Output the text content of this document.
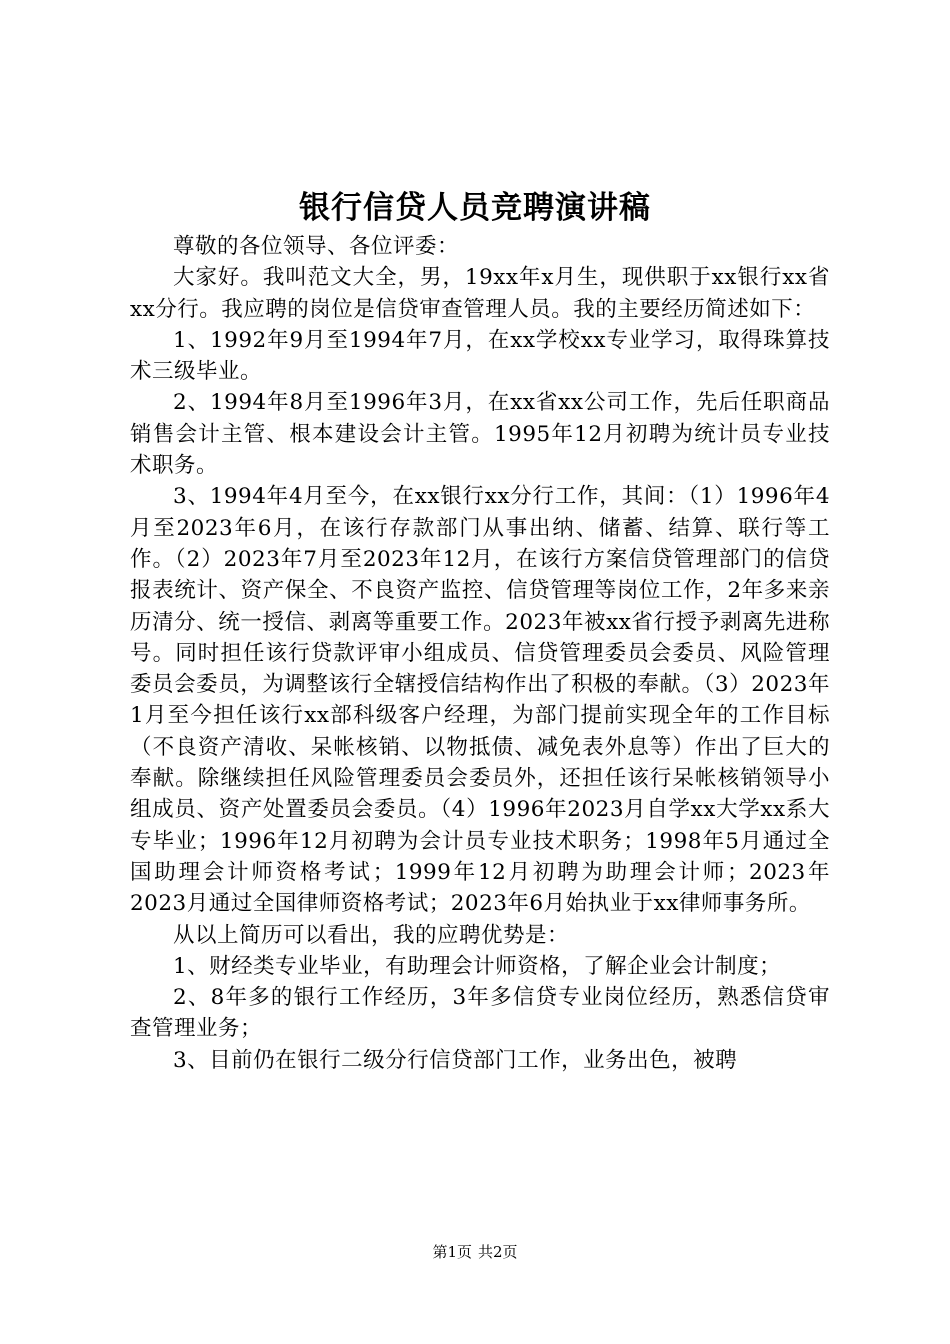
银行信贷人员竞聘演讲稿

尊敬的各位领导、各位评委：

大家好。我叫范文大全，男，19xx年x月生，现供职于xx银行xx省xx分行。我应聘的岗位是信贷审查管理人员。我的主要经历简述如下：

1、1992年9月至1994年7月，在xx学校xx专业学习，取得珠算技术三级毕业。

2、1994年8月至1996年3月，在xx省xx公司工作，先后任职商品销售会计主管、根本建设会计主管。1995年12月初聘为统计员专业技术职务。

3、1994年4月至今，在xx银行xx分行工作，其间：（1）1996年4月至2023年6月，在该行存款部门从事出纳、储蓄、结算、联行等工作。（2）2023年7月至2023年12月，在该行方案信贷管理部门的信贷报表统计、资产保全、不良资产监控、信贷管理等岗位工作，2年多来亲历清分、统一授信、剥离等重要工作。2023年被xx省行授予剥离先进称号。同时担任该行贷款评审小组成员、信贷管理委员会委员、风险管理委员会委员，为调整该行全辖授信结构作出了积极的奉献。（3）2023年1月至今担任该行xx部科级客户经理，为部门提前实现全年的工作目标（不良资产清收、呆帐核销、以物抵债、减免表外息等）作出了巨大的奉献。除继续担任风险管理委员会委员外，还担任该行呆帐核销领导小组成员、资产处置委员会委员。（4）1996年2023月自学xx大学xx系大专毕业；1996年12月初聘为会计员专业技术职务；1998年5月通过全国助理会计师资格考试；1999年12月初聘为助理会计师；2023年2023月通过全国律师资格考试；2023年6月始执业于xx律师事务所。

从以上简历可以看出，我的应聘优势是：

1、财经类专业毕业，有助理会计师资格，了解企业会计制度；

2、8年多的银行工作经历，3年多信贷专业岗位经历，熟悉信贷审查管理业务；

3、目前仍在银行二级分行信贷部门工作，业务出色，被聘

第1页 共2页
